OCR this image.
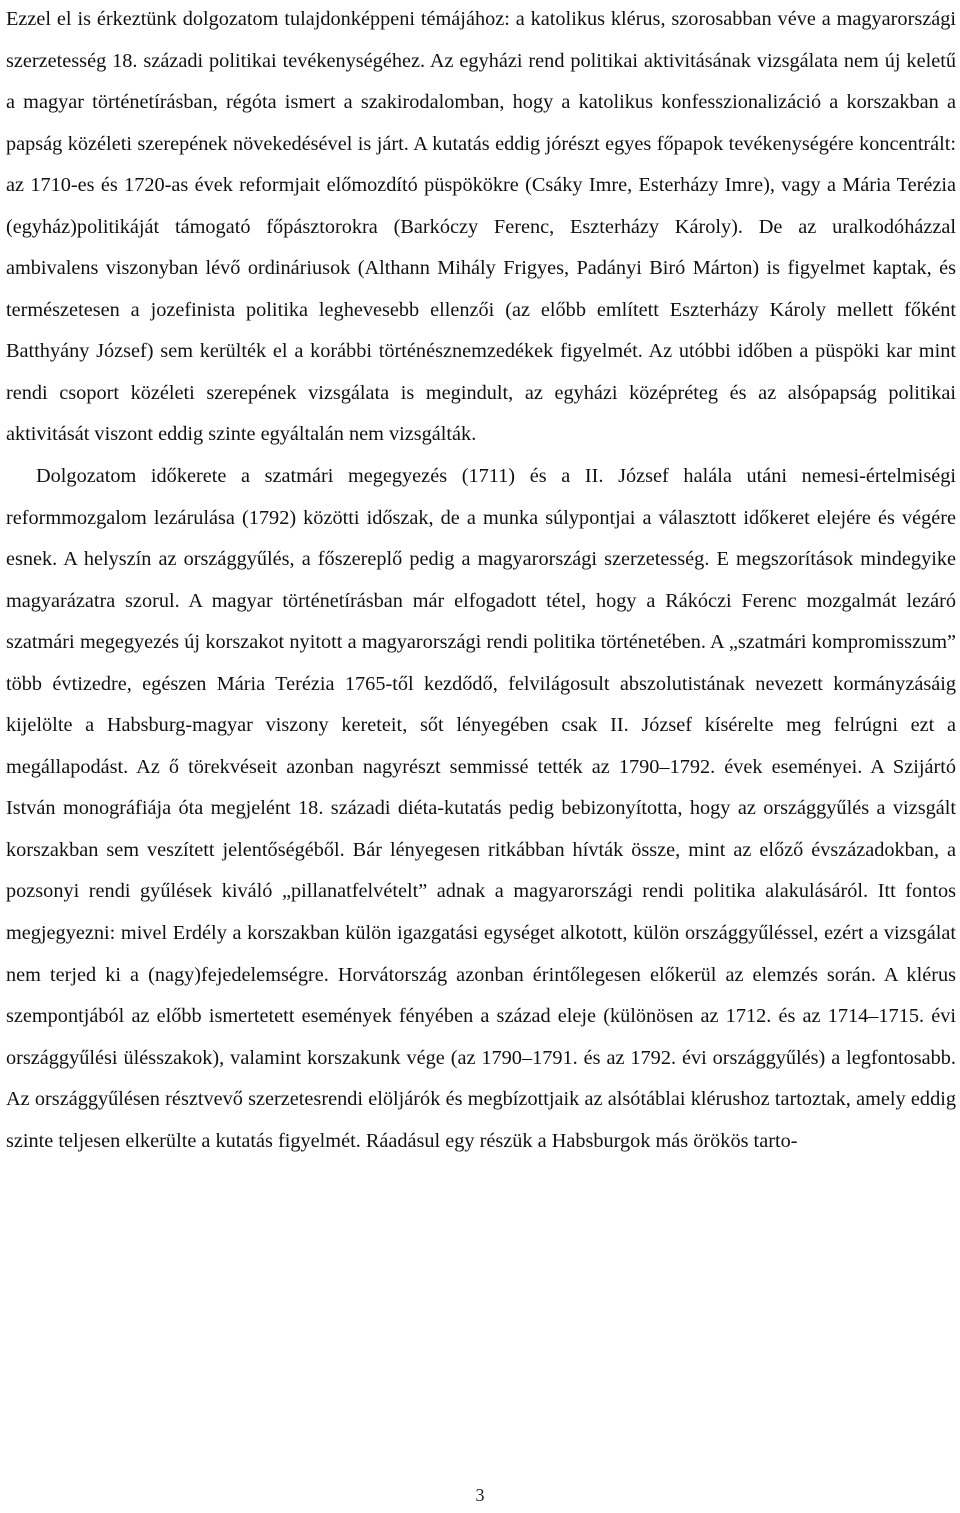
Ezzel el is érkeztünk dolgozatom tulajdonképpeni témájához: a katolikus klérus, szorosabban véve a magyarországi szerzetesség 18. századi politikai tevékenységéhez. Az egyházi rend politikai aktivitásának vizsgálata nem új keletű a magyar történetírásban, régóta ismert a szakirodalomban, hogy a katolikus konfesszionalizáció a korszakban a papság közéleti szerepének növekedésével is járt. A kutatás eddig jórészt egyes főpapok tevékenységére koncentrált: az 1710-es és 1720-as évek reformjait előmozdító püspökökre (Csáky Imre, Esterházy Imre), vagy a Mária Terézia (egyház)politikáját támogató főpásztorokra (Barkóczy Ferenc, Eszterházy Károly). De az uralkodóházzal ambivalens viszonyban lévő ordináriusok (Althann Mihály Frigyes, Padányi Biró Márton) is figyelmet kaptak, és természetesen a jozefinista politika leghevesebb ellenzői (az előbb említett Eszterházy Károly mellett főként Batthyány József) sem kerülték el a korábbi történésznemzedékek figyelmét. Az utóbbi időben a püspöki kar mint rendi csoport közéleti szerepének vizsgálata is megindult, az egyházi középréteg és az alsópapság politikai aktivitását viszont eddig szinte egyáltalán nem vizsgálták.

Dolgozatom időkerete a szatmári megegyezés (1711) és a II. József halála utáni nemesi-értelmiségi reformmozgalom lezárulása (1792) közötti időszak, de a munka súlypontjai a választott időkeret elejére és végére esnek. A helyszín az országgyűlés, a főszereplő pedig a magyarországi szerzetesség. E megszorítások mindegyike magyarázatra szorul. A magyar történetírásban már elfogadott tétel, hogy a Rákóczi Ferenc mozgalmát lezáró szatmári megegyezés új korszakot nyitott a magyarországi rendi politika történetében. A „szatmári kompromisszum” több évtizedre, egészen Mária Terézia 1765-től kezdődő, felvilágosult abszolutistának nevezett kormányzásáig kijelölte a Habsburg-magyar viszony kereteit, sőt lényegében csak II. József kísérelte meg felrúgni ezt a megállapodást. Az ő törekvéseit azonban nagyrészt semmissé tették az 1790–1792. évek eseményei. A Szijártó István monográfiája óta megjelént 18. századi diéta-kutatás pedig bebizonyította, hogy az országgyűlés a vizsgált korszakban sem veszített jelentőségéből. Bár lényegesen ritkábban hívták össze, mint az előző évszázadokban, a pozsonyi rendi gyűlések kiváló „pillanatfelvételt” adnak a magyarországi rendi politika alakulásáról. Itt fontos megjegyezni: mivel Erdély a korszakban külön igazgatási egységet alkotott, külön országgyűléssel, ezért a vizsgálat nem terjed ki a (nagy)fejedelemségre. Horvátország azonban érintőlegesen előkerül az elemzés során. A klérus szempontjából az előbb ismertetett események fényében a század eleje (különösen az 1712. és az 1714–1715. évi országgyűlési ülésszakok), valamint korszakunk vége (az 1790–1791. és az 1792. évi országgyűlés) a legfontosabb. Az országgyűlésen résztvevő szerzetesrendi elöljárók és megbízottjaik az alsótáblai klérushoz tartoztak, amely eddig szinte teljesen elkerülte a kutatás figyelmét. Ráadásul egy részük a Habsburgok más örökös tarto-

3
